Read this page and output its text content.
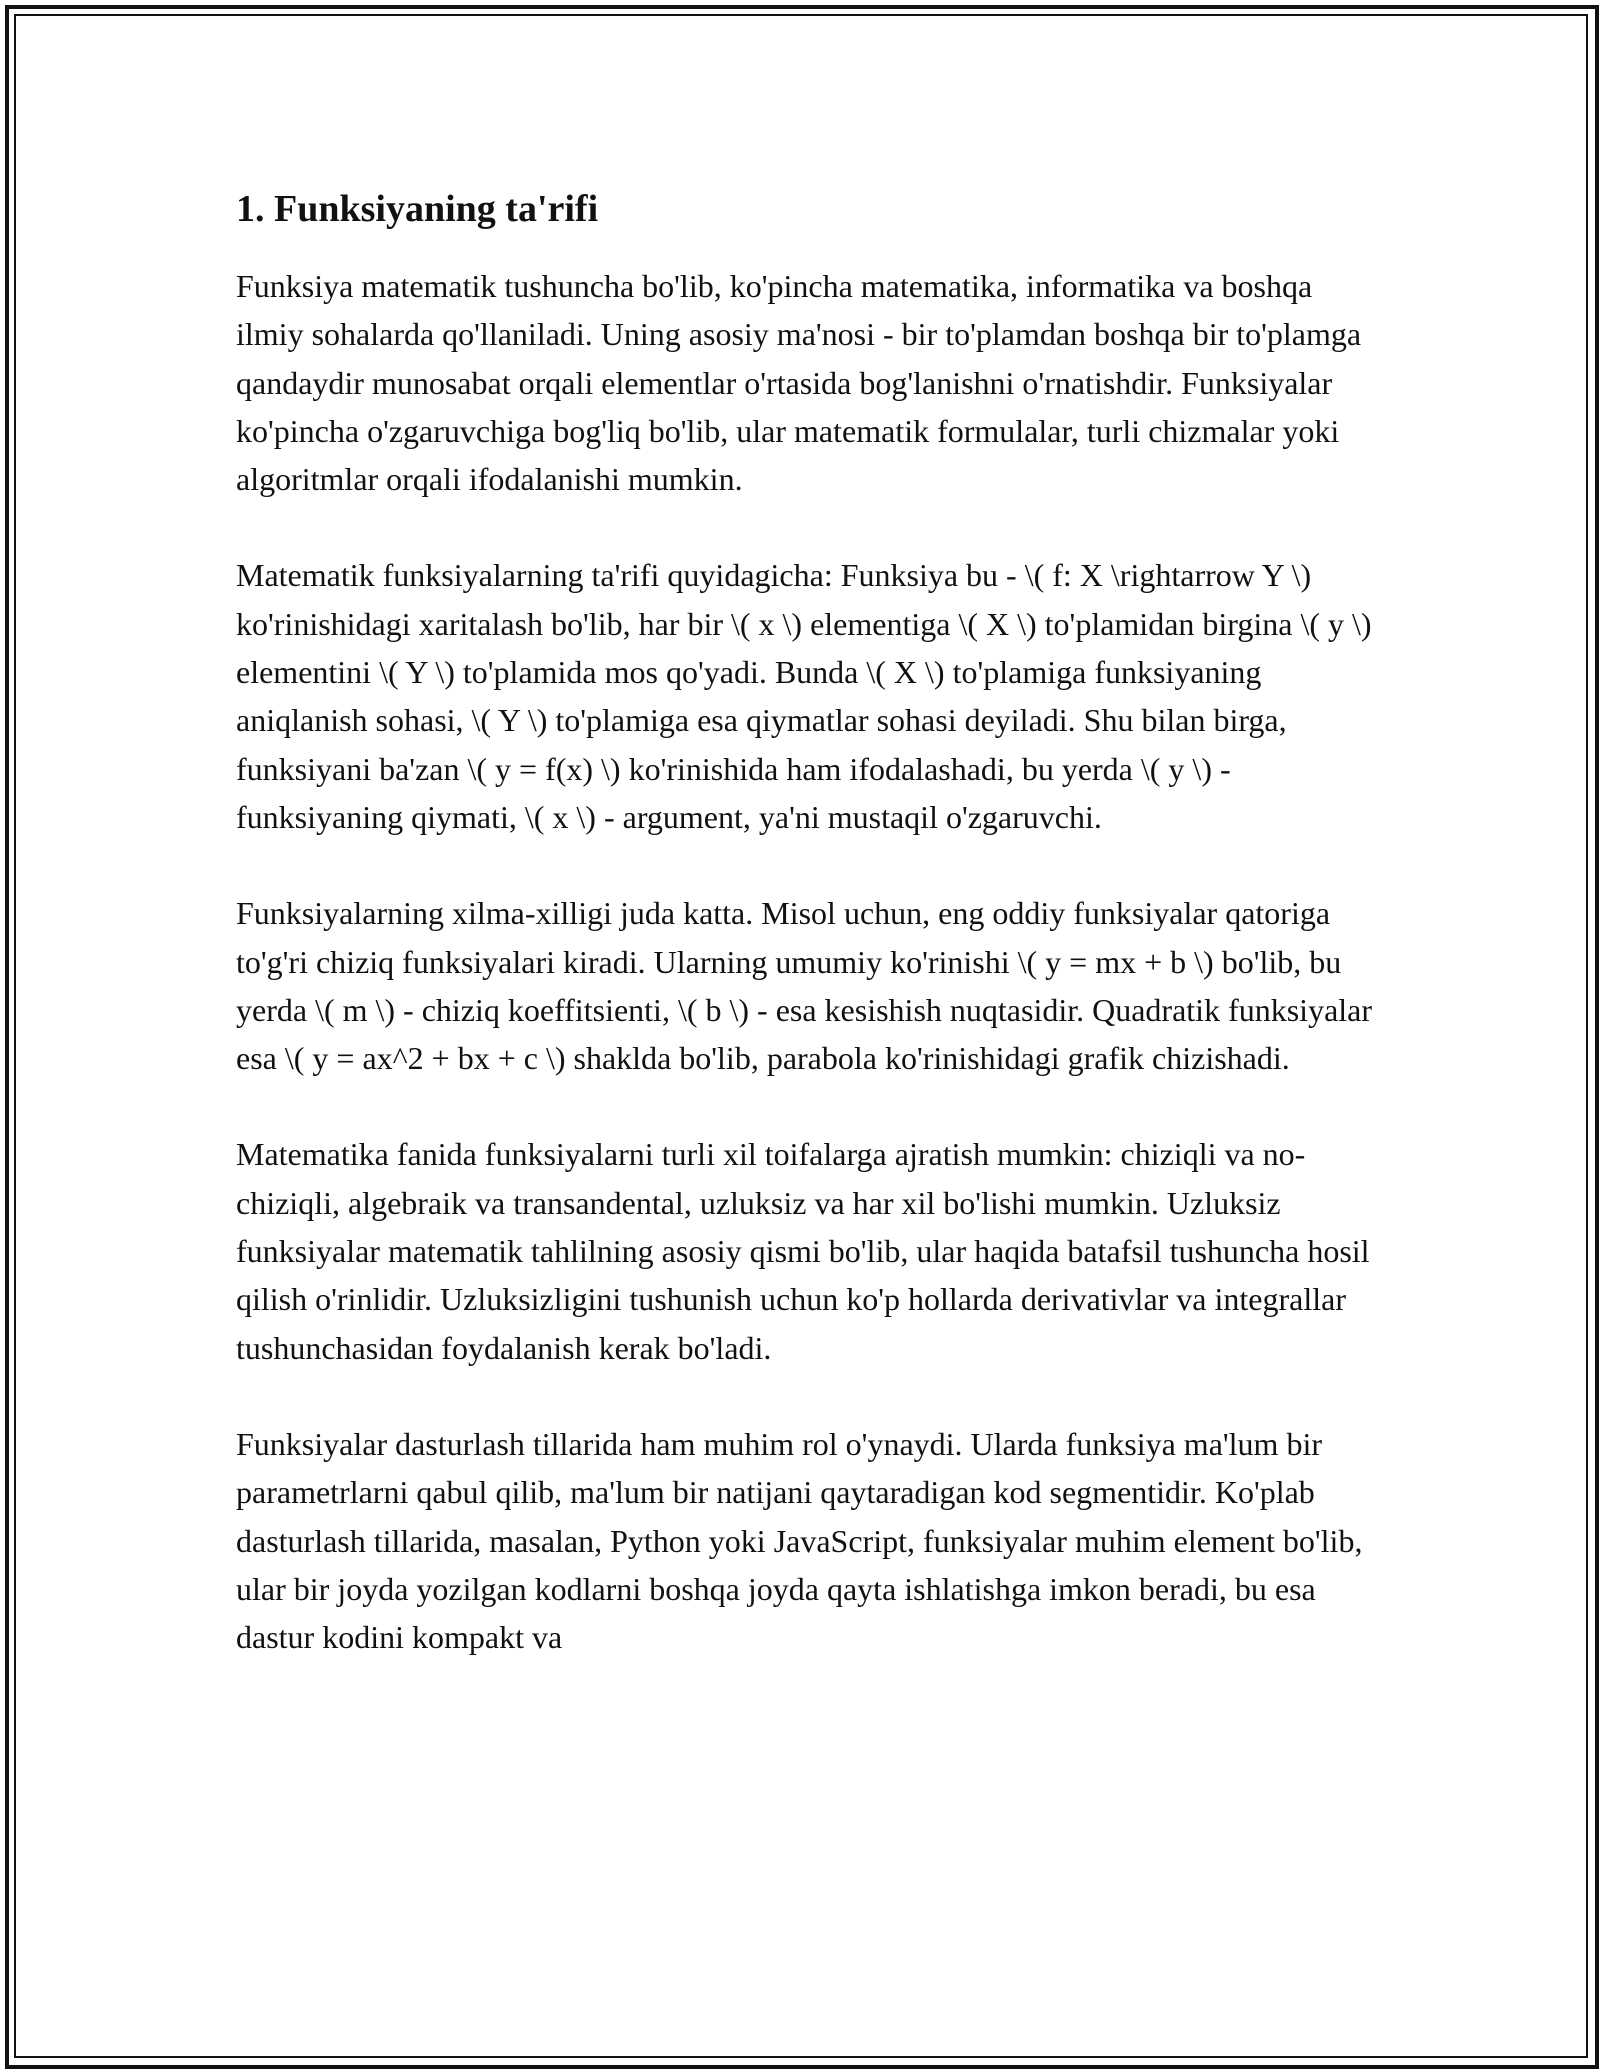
1. Funksiyaning ta'rifi

Funksiya matematik tushuncha bo'lib, ko'pincha matematika, informatika va boshqa ilmiy sohalarda qo'llaniladi. Uning asosiy ma'nosi - bir to'plamdan boshqa bir to'plamga qandaydir munosabat orqali elementlar o'rtasida bog'lanishni o'rnatishdir. Funksiyalar ko'pincha o'zgaruvchiga bog'liq bo'lib, ular matematik formulalar, turli chizmalar yoki algoritmlar orqali ifodalanishi mumkin.

Matematik funksiyalarning ta'rifi quyidagicha: Funksiya bu - \( f: X \rightarrow Y \) ko'rinishidagi xaritalash bo'lib, har bir \( x \) elementiga \( X \) to'plamidan birgina \( y \) elementini \( Y \) to'plamida mos qo'yadi. Bunda \( X \) to'plamiga funksiyaning aniqlanish sohasi, \( Y \) to'plamiga esa qiymatlar sohasi deyiladi. Shu bilan birga, funksiyani ba'zan \( y = f(x) \) ko'rinishida ham ifodalashadi, bu yerda \( y \) - funksiyaning qiymati, \( x \) - argument, ya'ni mustaqil o'zgaruvchi.

Funksiyalarning xilma-xilligi juda katta. Misol uchun, eng oddiy funksiyalar qatoriga to'g'ri chiziq funksiyalari kiradi. Ularning umumiy ko'rinishi \( y = mx + b \) bo'lib, bu yerda \( m \) - chiziq koeffitsienti, \( b \) - esa kesishish nuqtasidir. Quadratik funksiyalar esa \( y = ax^2 + bx + c \) shaklda bo'lib, parabola ko'rinishidagi grafik chizishadi.

Matematika fanida funksiyalarni turli xil toifalarga ajratish mumkin: chiziqli va no-chiziqli, algebraik va transandental, uzluksiz va har xil bo'lishi mumkin. Uzluksiz funksiyalar matematik tahlilning asosiy qismi bo'lib, ular haqida batafsil tushuncha hosil qilish o'rinlidir. Uzluksizligini tushunish uchun ko'p hollarda derivativlar va integrallar tushunchasidan foydalanish kerak bo'ladi.

Funksiyalar dasturlash tillarida ham muhim rol o'ynaydi. Ularda funksiya ma'lum bir parametrlarni qabul qilib, ma'lum bir natijani qaytaradigan kod segmentidir. Ko'plab dasturlash tillarida, masalan, Python yoki JavaScript, funksiyalar muhim element bo'lib, ular bir joyda yozilgan kodlarni boshqa joyda qayta ishlatishga imkon beradi, bu esa dastur kodini kompakt va
